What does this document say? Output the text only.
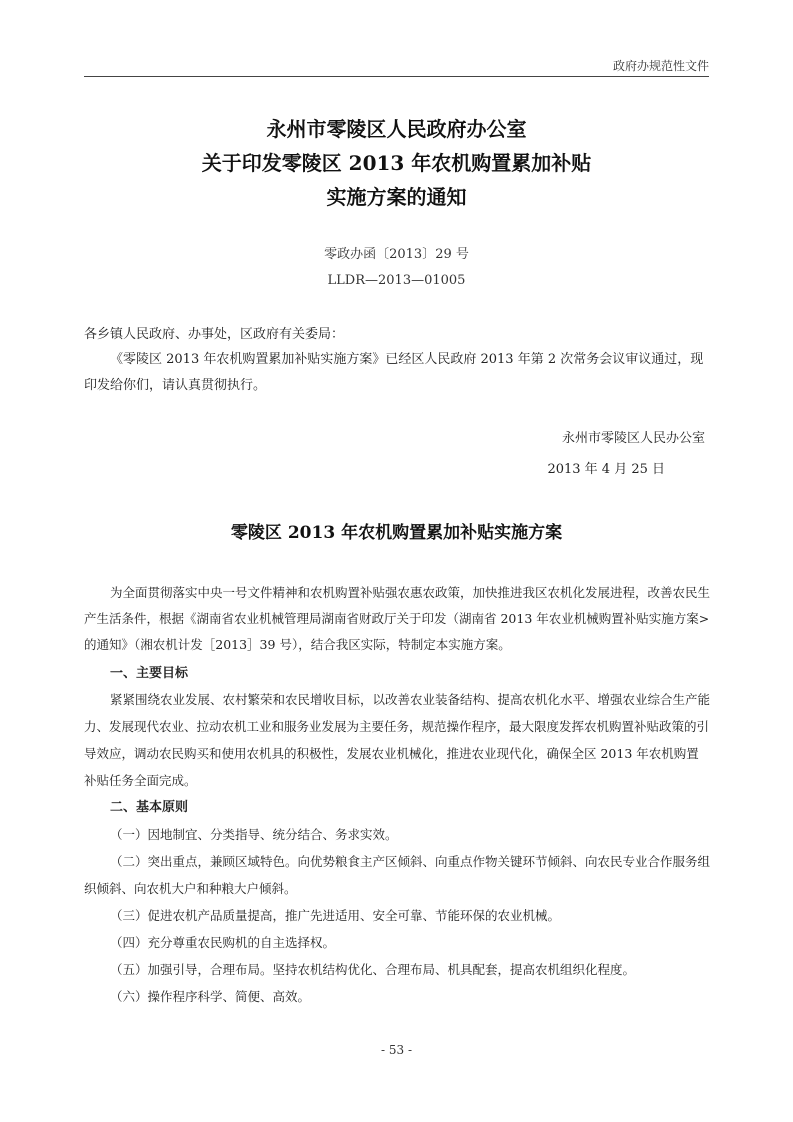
政府办规范性文件
永州市零陵区人民政府办公室
关于印发零陵区 2013 年农机购置累加补贴
实施方案的通知
零政办函〔2013〕29 号
LLDR—2013—01005
各乡镇人民政府、办事处，区政府有关委局：
《零陵区 2013 年农机购置累加补贴实施方案》已经区人民政府 2013 年第 2 次常务会议审议通过，现印发给你们，请认真贯彻执行。
永州市零陵区人民办公室
2013 年 4 月 25 日
零陵区 2013 年农机购置累加补贴实施方案
为全面贯彻落实中央一号文件精神和农机购置补贴强农惠农政策，加快推进我区农机化发展进程，改善农民生产生活条件，根据《湖南省农业机械管理局湖南省财政厅关于印发（湖南省 2013 年农业机械购置补贴实施方案>的通知》（湘农机计发［2013］39 号），结合我区实际，特制定本实施方案。
一、主要目标
紧紧围绕农业发展、农村繁荣和农民增收目标，以改善农业装备结构、提高农机化水平、增强农业综合生产能力、发展现代农业、拉动农机工业和服务业发展为主要任务，规范操作程序，最大限度发挥农机购置补贴政策的引导效应，调动农民购买和使用农机具的积极性，发展农业机械化，推进农业现代化，确保全区 2013 年农机购置补贴任务全面完成。
二、基本原则
（一）因地制宜、分类指导、统分结合、务求实效。
（二）突出重点，兼顾区域特色。向优势粮食主产区倾斜、向重点作物关键环节倾斜、向农民专业合作服务组织倾斜、向农机大户和种粮大户倾斜。
（三）促进农机产品质量提高，推广先进适用、安全可靠、节能环保的农业机械。
（四）充分尊重农民购机的自主选择权。
（五）加强引导，合理布局。坚持农机结构优化、合理布局、机具配套，提高农机组织化程度。
（六）操作程序科学、简便、高效。
- 53 -
